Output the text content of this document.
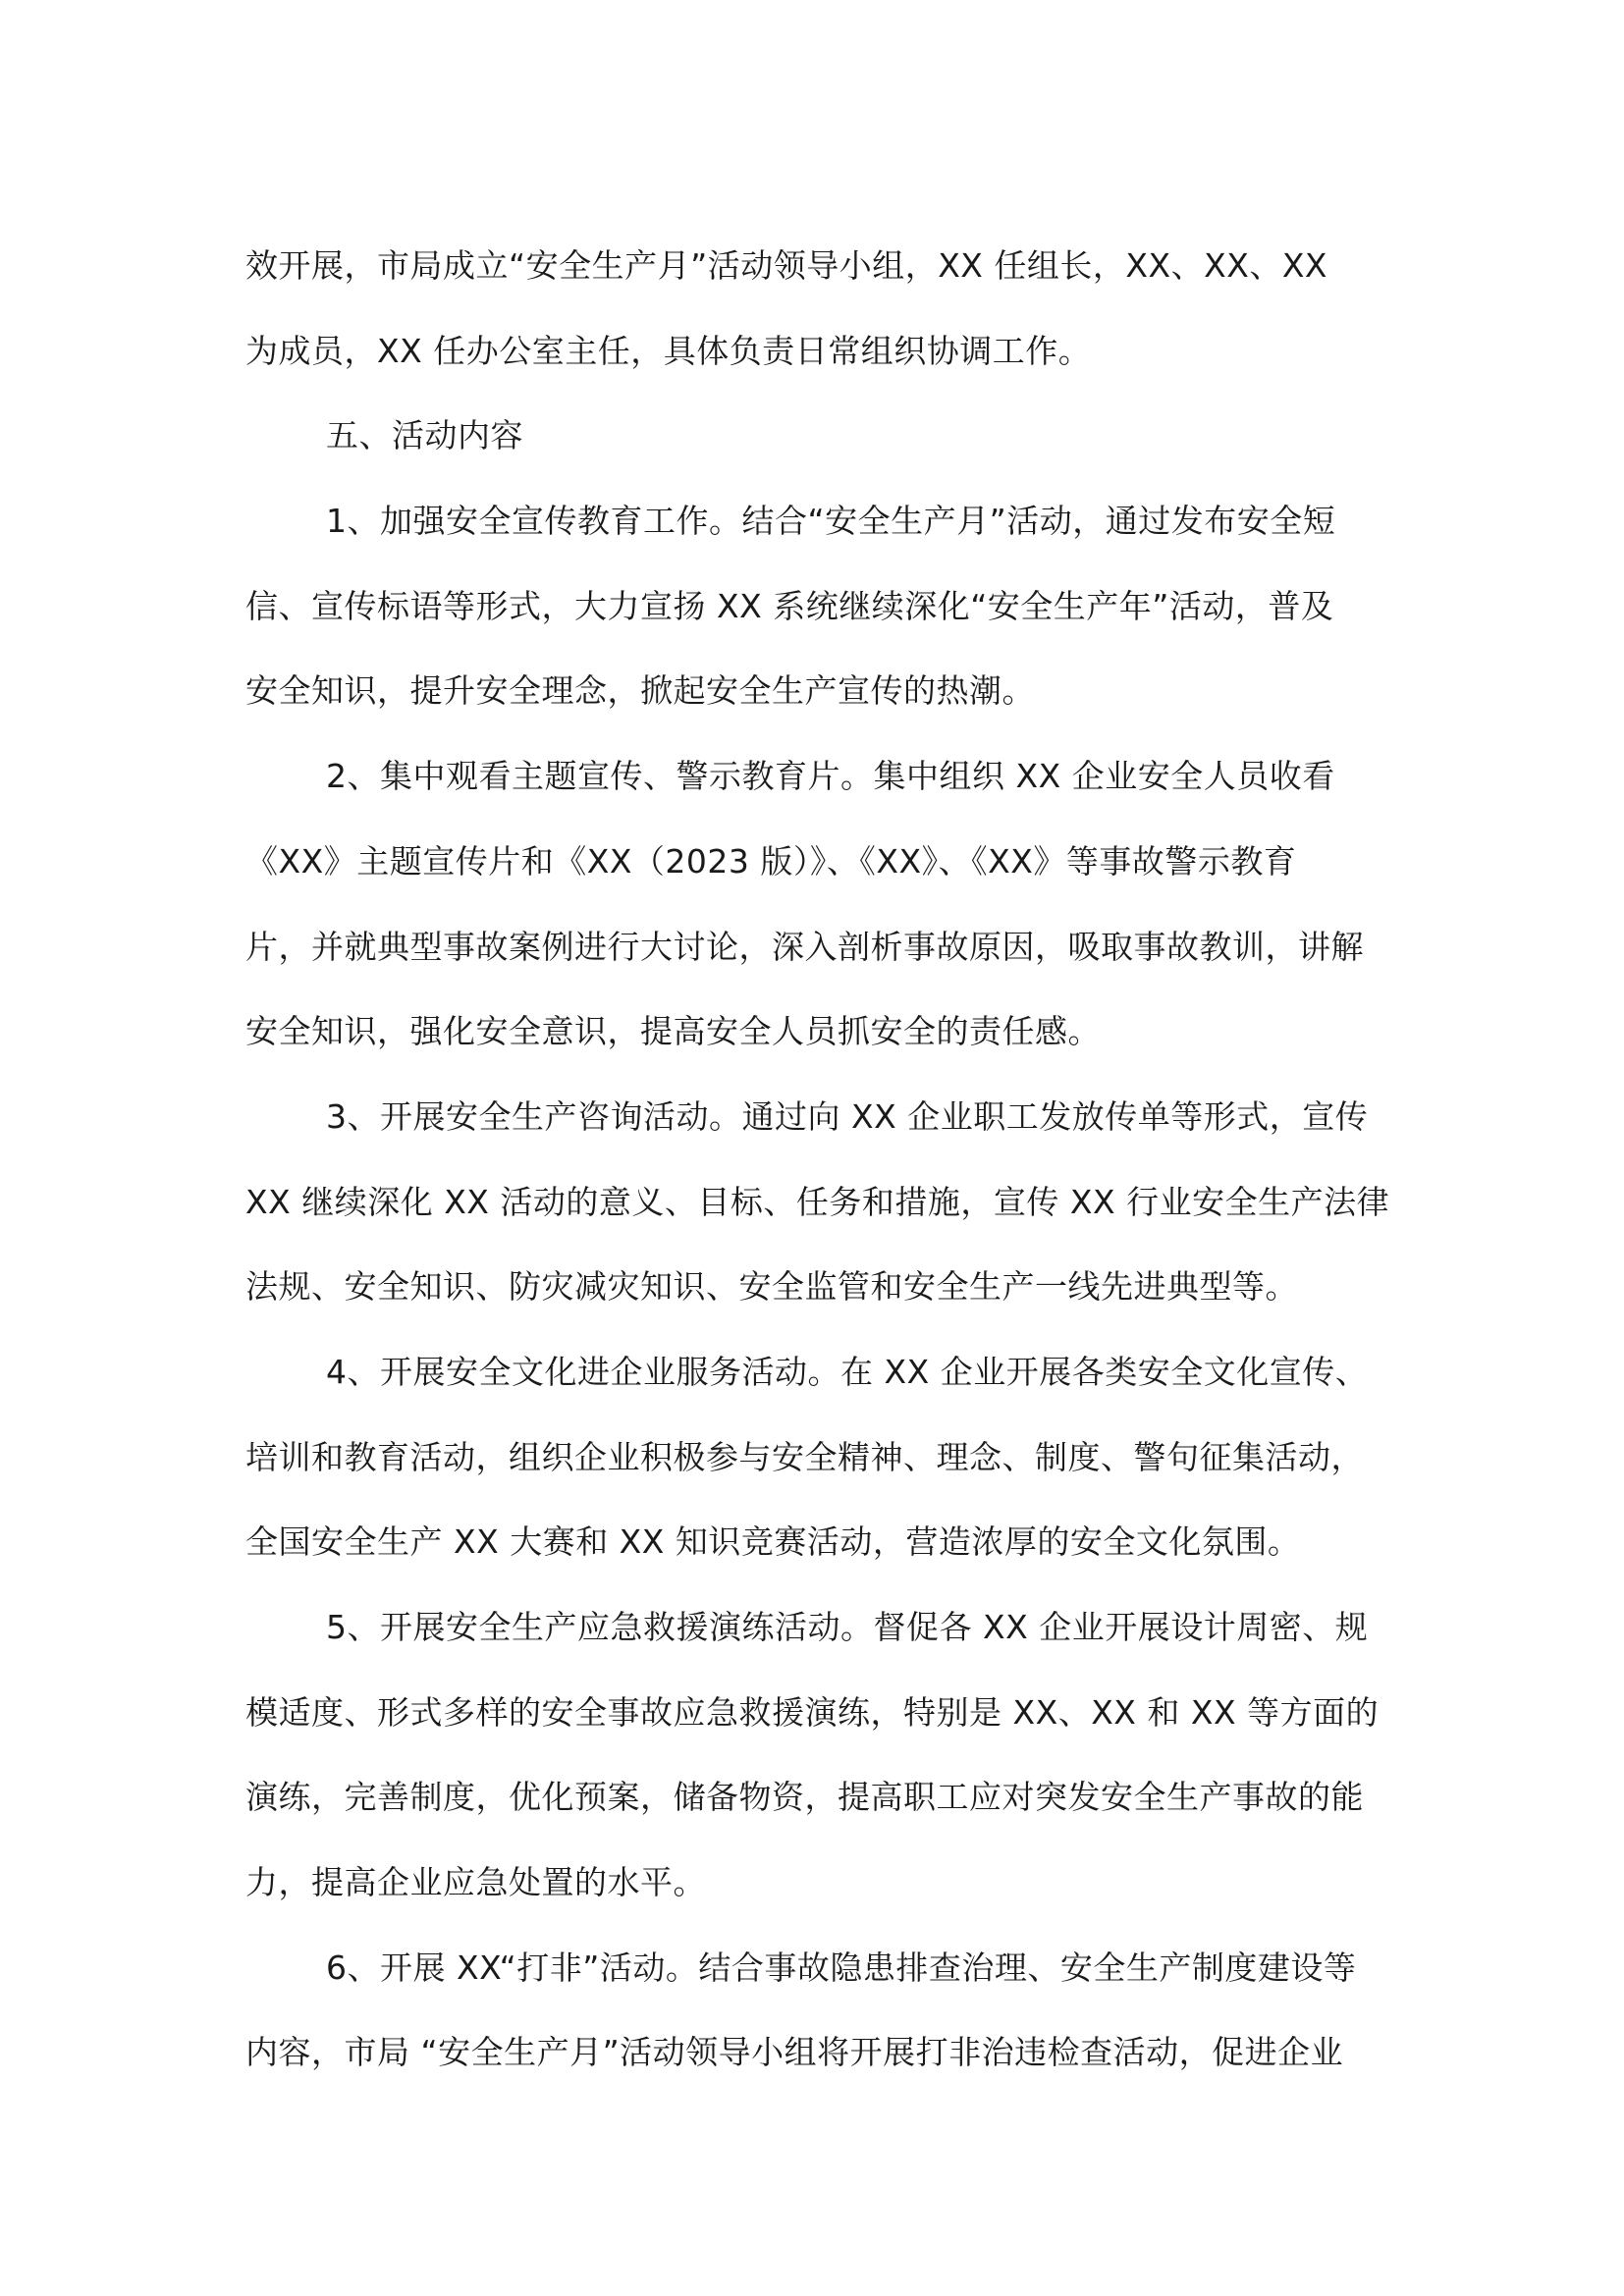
效开展，市局成立“安全生产月”活动领导小组，XX 任组长，XX、XX、XX
为成员，XX 任办公室主任，具体负责日常组织协调工作。
五、活动内容
1、加强安全宣传教育工作。结合“安全生产月”活动，通过发布安全短
信、宣传标语等形式，大力宣扬 XX 系统继续深化“安全生产年”活动，普及
安全知识，提升安全理念，掀起安全生产宣传的热潮。
2、集中观看主题宣传、警示教育片。集中组织 XX 企业安全人员收看
《XX》主题宣传片和《XX（2023 版）》、《XX》、《XX》等事故警示教育
片，并就典型事故案例进行大讨论，深入剖析事故原因，吸取事故教训，讲解
安全知识，强化安全意识，提高安全人员抓安全的责任感。
3、开展安全生产咨询活动。通过向 XX 企业职工发放传单等形式，宣传
XX 继续深化 XX 活动的意义、目标、任务和措施，宣传 XX 行业安全生产法律
法规、安全知识、防灾减灾知识、安全监管和安全生产一线先进典型等。
4、开展安全文化进企业服务活动。在 XX 企业开展各类安全文化宣传、
培训和教育活动，组织企业积极参与安全精神、理念、制度、警句征集活动，
全国安全生产 XX 大赛和 XX 知识竞赛活动，营造浓厚的安全文化氛围。
5、开展安全生产应急救援演练活动。督促各 XX 企业开展设计周密、规
模适度、形式多样的安全事故应急救援演练，特别是 XX、XX 和 XX 等方面的
演练，完善制度，优化预案，储备物资，提高职工应对突发安全生产事故的能
力，提高企业应急处置的水平。
6、开展 XX“打非”活动。结合事故隐患排查治理、安全生产制度建设等
内容，市局 “安全生产月”活动领导小组将开展打非治违检查活动，促进企业
